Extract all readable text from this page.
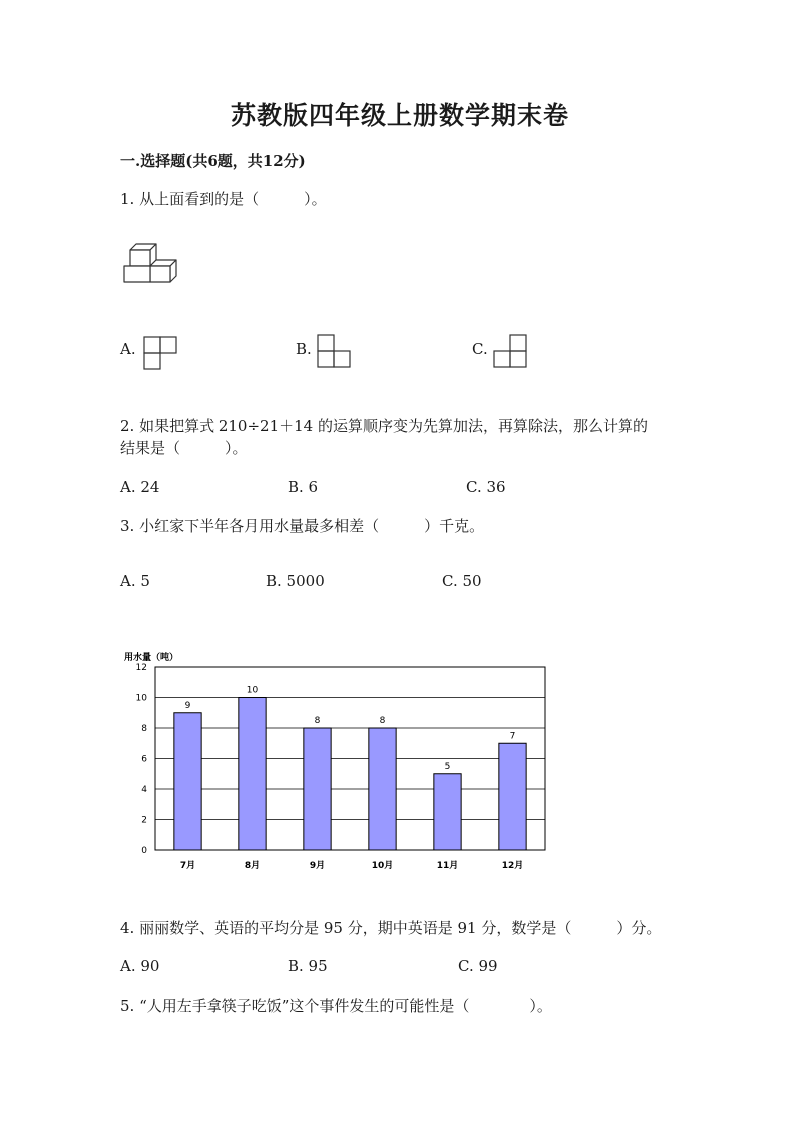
苏教版四年级上册数学期末卷
一.选择题(共6题，共12分)
1. 从上面看到的是（　　　）。
A.	B.	C.
2. 如果把算式 210÷21＋14 的运算顺序变为先算加法，再算除法，那么计算的
结果是（　　　）。
A. 24	B. 6	C. 36
3. 小红家下半年各月用水量最多相差（　　　）千克。
A. 5	B. 5000	C. 50
用水量（吨）
9
10
8	8
5
7
0
2
4
6
8
10
12
7月	8月	9月	10月	11月	12月
4. 丽丽数学、英语的平均分是 95 分，期中英语是 91 分，数学是（　　　）分。
A. 90	B. 95	C. 99
5. “人用左手拿筷子吃饭”这个事件发生的可能性是（　　　　）。
